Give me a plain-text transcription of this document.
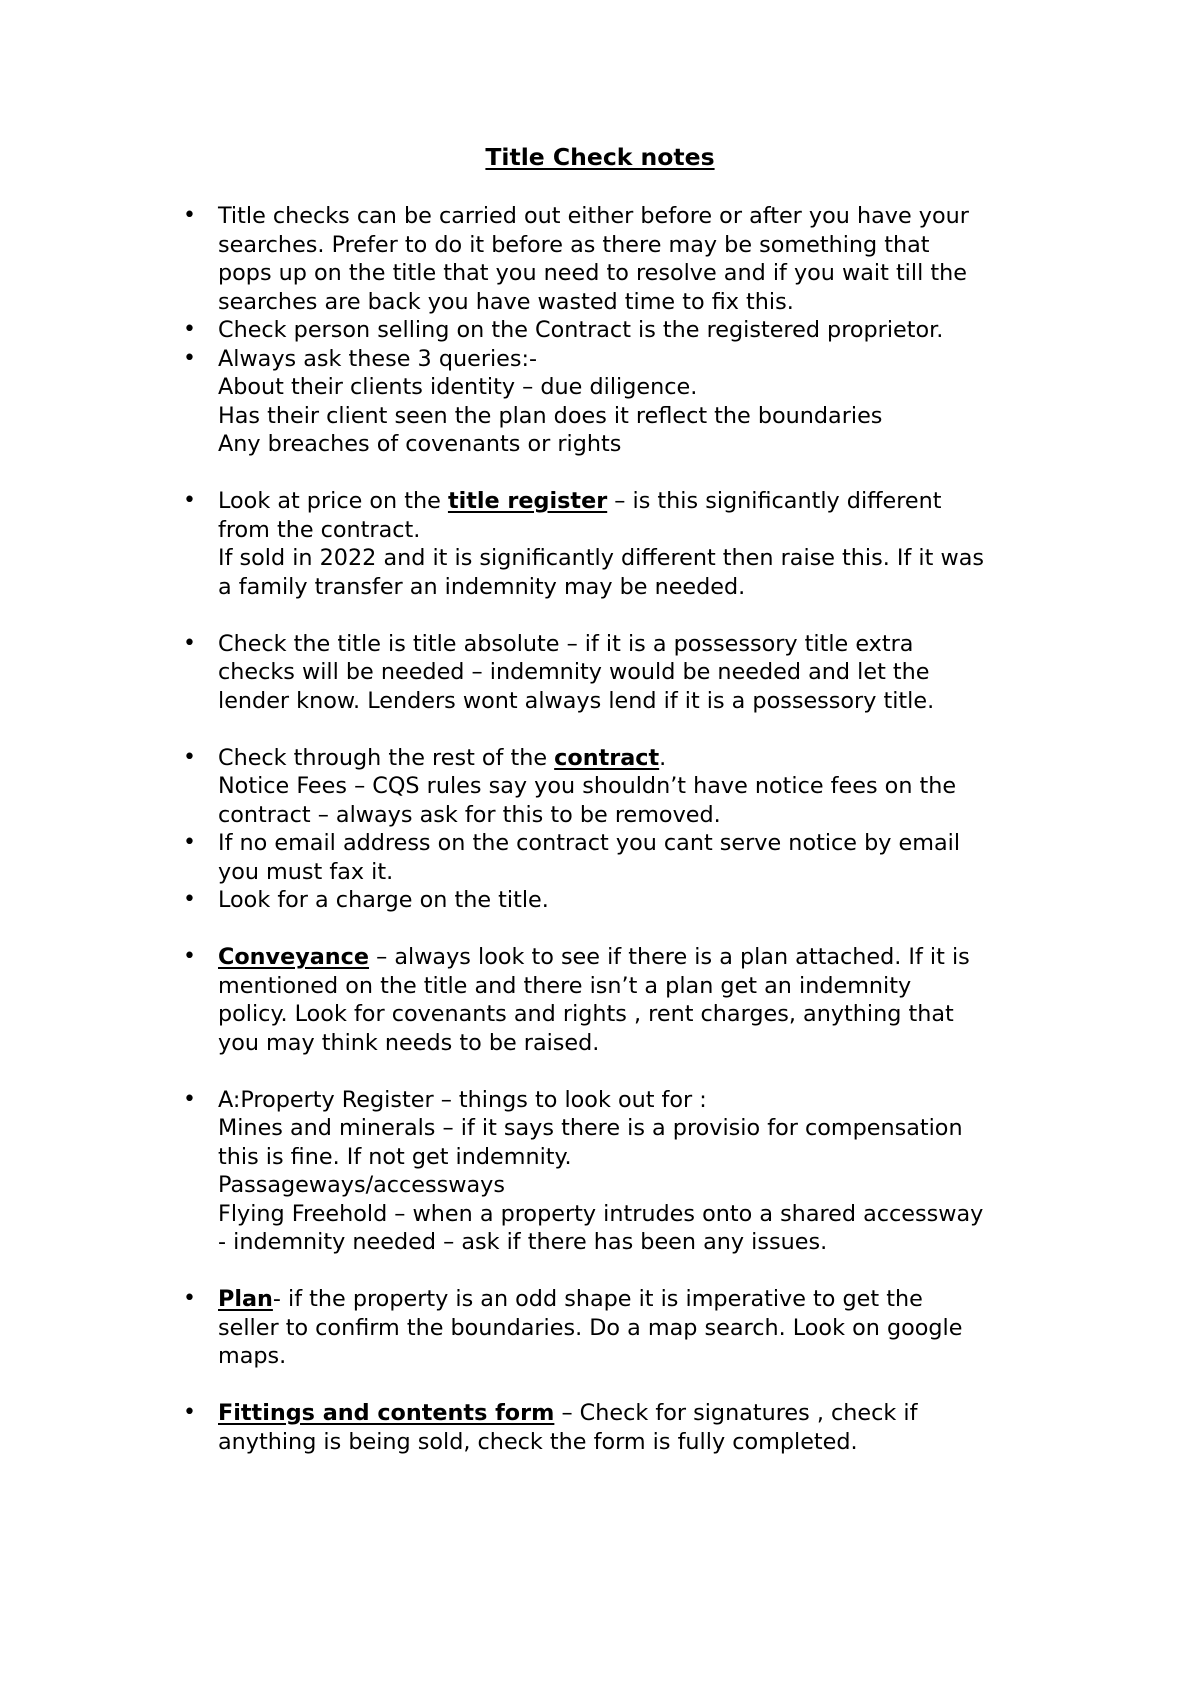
Title Check notes
• Title checks can be carried out either before or after you have your
searches. Prefer to do it before as there may be something that
pops up on the title that you need to resolve and if you wait till the
searches are back you have wasted time to fix this.
• Check person selling on the Contract is the registered proprietor.
• Always ask these 3 queries:-
About their clients identity – due diligence.
Has their client seen the plan does it reflect the boundaries
Any breaches of covenants or rights
• Look at price on the title register – is this significantly different
from the contract.
If sold in 2022 and it is significantly different then raise this. If it was
a family transfer an indemnity may be needed.
• Check the title is title absolute – if it is a possessory title extra
checks will be needed – indemnity would be needed and let the
lender know. Lenders wont always lend if it is a possessory title.
• Check through the rest of the contract.
Notice Fees – CQS rules say you shouldn’t have notice fees on the
contract – always ask for this to be removed.
• If no email address on the contract you cant serve notice by email
you must fax it.
• Look for a charge on the title.
• Conveyance – always look to see if there is a plan attached. If it is
mentioned on the title and there isn’t a plan get an indemnity
policy. Look for covenants and rights , rent charges, anything that
you may think needs to be raised.
• A:Property Register – things to look out for :
Mines and minerals – if it says there is a provisio for compensation
this is fine. If not get indemnity.
Passageways/accessways
Flying Freehold – when a property intrudes onto a shared accessway
- indemnity needed – ask if there has been any issues.
• Plan- if the property is an odd shape it is imperative to get the
seller to confirm the boundaries. Do a map search. Look on google
maps.
• Fittings and contents form – Check for signatures , check if
anything is being sold, check the form is fully completed.
